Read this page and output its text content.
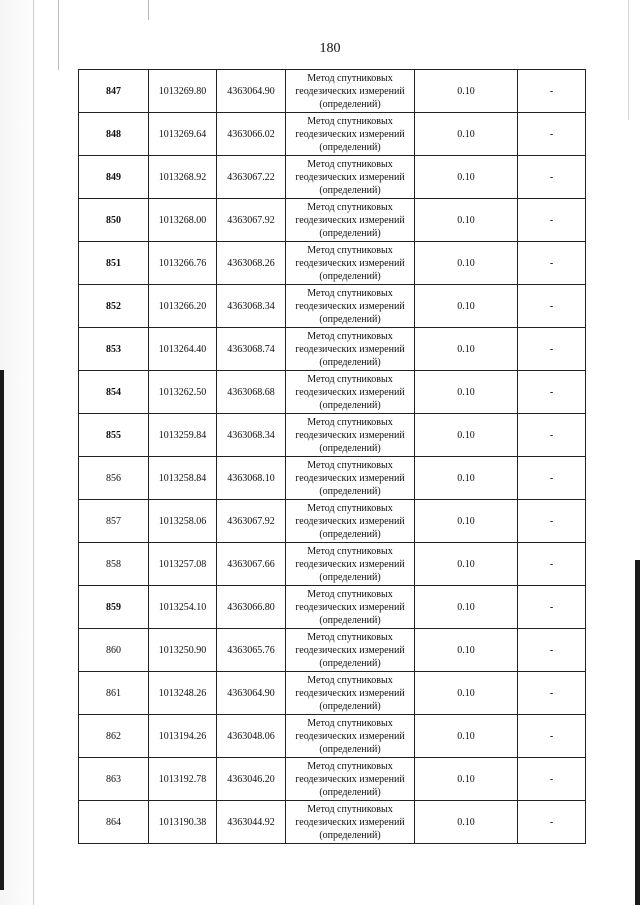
180
847	1013269.80	4363064.90	Метод спутниковых
геодезических измерений
(определений)	0.10	-
848	1013269.64	4363066.02	Метод спутниковых
геодезических измерений
(определений)	0.10	-
849	1013268.92	4363067.22	Метод спутниковых
геодезических измерений
(определений)	0.10	-
850	1013268.00	4363067.92	Метод спутниковых
геодезических измерений
(определений)	0.10	-
851	1013266.76	4363068.26	Метод спутниковых
геодезических измерений
(определений)	0.10	-
852	1013266.20	4363068.34	Метод спутниковых
геодезических измерений
(определений)	0.10	-
853	1013264.40	4363068.74	Метод спутниковых
геодезических измерений
(определений)	0.10	-
854	1013262.50	4363068.68	Метод спутниковых
геодезических измерений
(определений)	0.10	-
855	1013259.84	4363068.34	Метод спутниковых
геодезических измерений
(определений)	0.10	-
856	1013258.84	4363068.10	Метод спутниковых
геодезических измерений
(определений)	0.10	-
857	1013258.06	4363067.92	Метод спутниковых
геодезических измерений
(определений)	0.10	-
858	1013257.08	4363067.66	Метод спутниковых
геодезических измерений
(определений)	0.10	-
859	1013254.10	4363066.80	Метод спутниковых
геодезических измерений
(определений)	0.10	-
860	1013250.90	4363065.76	Метод спутниковых
геодезических измерений
(определений)	0.10	-
861	1013248.26	4363064.90	Метод спутниковых
геодезических измерений
(определений)	0.10	-
862	1013194.26	4363048.06	Метод спутниковых
геодезических измерений
(определений)	0.10	-
863	1013192.78	4363046.20	Метод спутниковых
геодезических измерений
(определений)	0.10	-
864	1013190.38	4363044.92	Метод спутниковых
геодезических измерений
(определений)	0.10	-
